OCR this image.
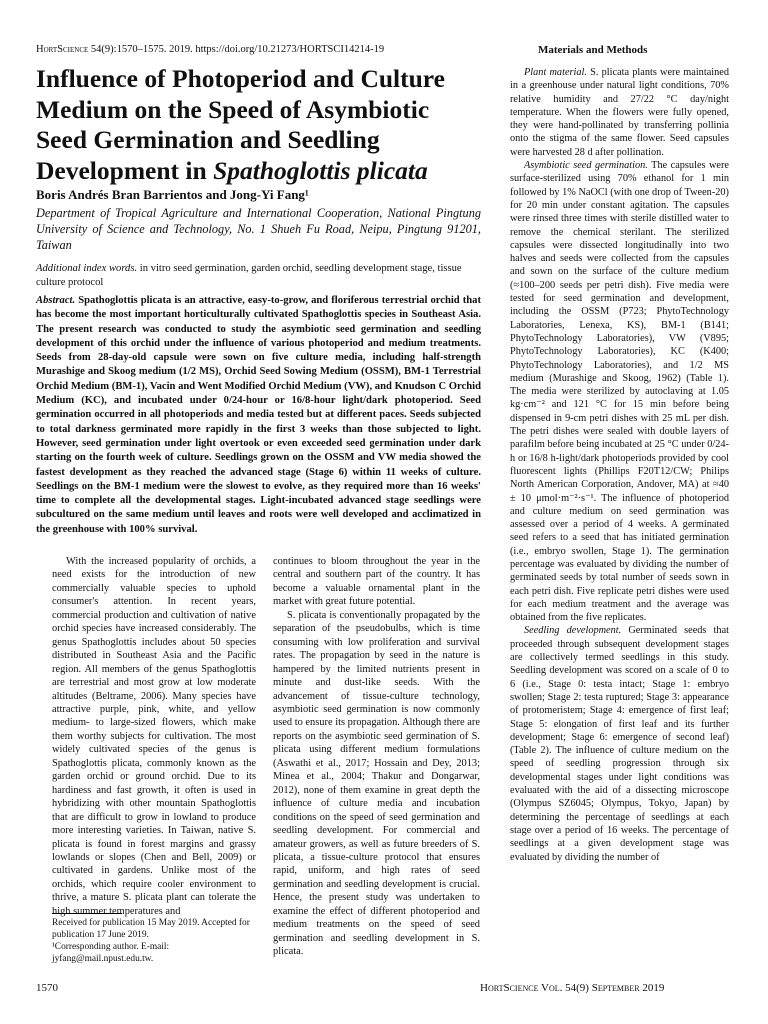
HortScience 54(9):1570–1575. 2019. https://doi.org/10.21273/HORTSCI14214-19
Influence of Photoperiod and Culture
Medium on the Speed of Asymbiotic
Seed Germination and Seedling
Development in Spathoglottis plicata
Boris Andrés Bran Barrientos and Jong-Yi Fang¹
Department of Tropical Agriculture and International Cooperation, National Pingtung University of Science and Technology, No. 1 Shueh Fu Road, Neipu, Pingtung 91201, Taiwan
Additional index words. in vitro seed germination, garden orchid, seedling development stage, tissue culture protocol
Abstract. Spathoglottis plicata is an attractive, easy-to-grow, and floriferous terrestrial orchid that has become the most important horticulturally cultivated Spathoglottis species in Southeast Asia. The present research was conducted to study the asymbiotic seed germination and seedling development of this orchid under the influence of various photoperiod and medium treatments. Seeds from 28-day-old capsule were sown on five culture media, including half-strength Murashige and Skoog medium (1/2 MS), Orchid Seed Sowing Medium (OSSM), BM-1 Terrestrial Orchid Medium (BM-1), Vacin and Went Modified Orchid Medium (VW), and Knudson C Orchid Medium (KC), and incubated under 0/24-hour or 16/8-hour light/dark photoperiod. Seed germination occurred in all photoperiods and media tested but at different paces. Seeds subjected to total darkness germinated more rapidly in the first 3 weeks than those subjected to light. However, seed germination under light overtook or even exceeded seed germination under dark starting on the fourth week of culture. Seedlings grown on the OSSM and VW media showed the fastest development as they reached the advanced stage (Stage 6) within 11 weeks of culture. Seedlings on the BM-1 medium were the slowest to evolve, as they required more than 16 weeks' time to complete all the developmental stages. Light-incubated advanced stage seedlings were subcultured on the same medium until leaves and roots were well developed and acclimatized in the greenhouse with 100% survival.

With the increased popularity of orchids, a need exists for the introduction of new commercially valuable species to uphold consumer's attention. In recent years, commercial production and cultivation of native orchid species have increased considerably. The genus Spathoglottis includes about 50 species distributed in Southeast Asia and the Pacific region. All members of the genus Spathoglottis are terrestrial and most grow at low moderate altitudes (Beltrame, 2006). Many species have attractive purple, pink, white, and yellow medium- to large-sized flowers, which make them worthy subjects for cultivation. The most widely cultivated species of the genus is Spathoglottis plicata, commonly known as the garden orchid or ground orchid. Due to its hardiness and fast growth, it often is used in hybridizing with other mountain Spathoglottis that are difficult to grow in lowland to produce more interesting varieties. In Taiwan, native S. plicata is found in forest margins and grassy lowlands or slopes (Chen and Bell, 2009) or cultivated in gardens. Unlike most of the orchids, which require cooler environment to thrive, a mature S. plicata plant can tolerate the high summer temperatures and

continues to bloom throughout the year in the central and southern part of the country. It has become a valuable ornamental plant in the market with great future potential.

S. plicata is conventionally propagated by the separation of the pseudobulbs, which is time consuming with low proliferation and survival rates. The propagation by seed in the nature is hampered by the limited nutrients present in minute and dust-like seeds. With the advancement of tissue-culture technology, asymbiotic seed germination is now commonly used to ensure its propagation. Although there are reports on the asymbiotic seed germination of S. plicata using different medium formulations (Aswathi et al., 2017; Hossain and Dey, 2013; Minea et al., 2004; Thakur and Dongarwar, 2012), none of them examine in great depth the influence of culture media and incubation conditions on the speed of seed germination and seedling development. For commercial and amateur growers, as well as future breeders of S. plicata, a tissue-culture protocol that ensures rapid, uniform, and high rates of seed germination and seedling development is crucial. Hence, the present study was undertaken to examine the effect of different photoperiod and medium treatments on the speed of seed germination and seedling development in S. plicata.

Materials and Methods

Plant material. S. plicata plants were maintained in a greenhouse under natural light conditions, 70% relative humidity and 27/22 °C day/night temperature. When the flowers were fully opened, they were hand-pollinated by transferring pollinia onto the stigma of the same flower. Seed capsules were harvested 28 d after pollination.

Asymbiotic seed germination. The capsules were surface-sterilized using 70% ethanol for 1 min followed by 1% NaOCl (with one drop of Tween-20) for 20 min under constant agitation. The capsules were rinsed three times with sterile distilled water to remove the chemical sterilant. The sterilized capsules were dissected longitudinally into two halves and seeds were collected from the capsules and sown on the surface of the culture medium (≈100–200 seeds per petri dish). Five media were tested for seed germination and development, including the OSSM (P723; PhytoTechnology Laboratories, Lenexa, KS), BM-1 (B141; PhytoTechnology Laboratories), VW (V895; PhytoTechnology Laboratories), KC (K400; PhytoTechnology Laboratories), and 1/2 MS medium (Murashige and Skoog, 1962) (Table 1). The media were sterilized by autoclaving at 1.05 kg·cm⁻² and 121 °C for 15 min before being dispensed in 9-cm petri dishes with 25 mL per dish. The petri dishes were sealed with double layers of parafilm before being incubated at 25 °C under 0/24-h or 16/8 h-light/dark photoperiods provided by cool fluorescent lights (Phillips F20T12/CW; Philips North American Corporation, Andover, MA) at ≈40 ± 10 μmol·m⁻²·s⁻¹. The influence of photoperiod and culture medium on seed germination was assessed over a period of 4 weeks. A germinated seed refers to a seed that has initiated germination (i.e., embryo swollen, Stage 1). The germination percentage was evaluated by dividing the number of germinated seeds by total number of seeds sown in each petri dish. Five replicate petri dishes were used for each medium treatment and the average was obtained from the five replicates.

Seedling development. Germinated seeds that proceeded through subsequent development stages are collectively termed seedlings in this study. Seedling development was scored on a scale of 0 to 6 (i.e., Stage 0: testa intact; Stage 1: embryo swollen; Stage 2: testa ruptured; Stage 3: appearance of protomeristem; Stage 4: emergence of first leaf; Stage 5: elongation of first leaf and its further development; Stage 6: emergence of second leaf) (Table 2). The influence of culture medium on the speed of seedling progression through six developmental stages under light conditions was evaluated with the aid of a dissecting microscope (Olympus SZ6045; Olympus, Tokyo, Japan) by determining the percentage of seedlings at each stage over a period of 16 weeks. The percentage of seedlings at a given development stage was evaluated by dividing the number of

Received for publication 15 May 2019. Accepted for publication 17 June 2019.

¹Corresponding author. E-mail: jyfang@mail.npust.edu.tw.

1570	HortScience Vol. 54(9) September 2019
